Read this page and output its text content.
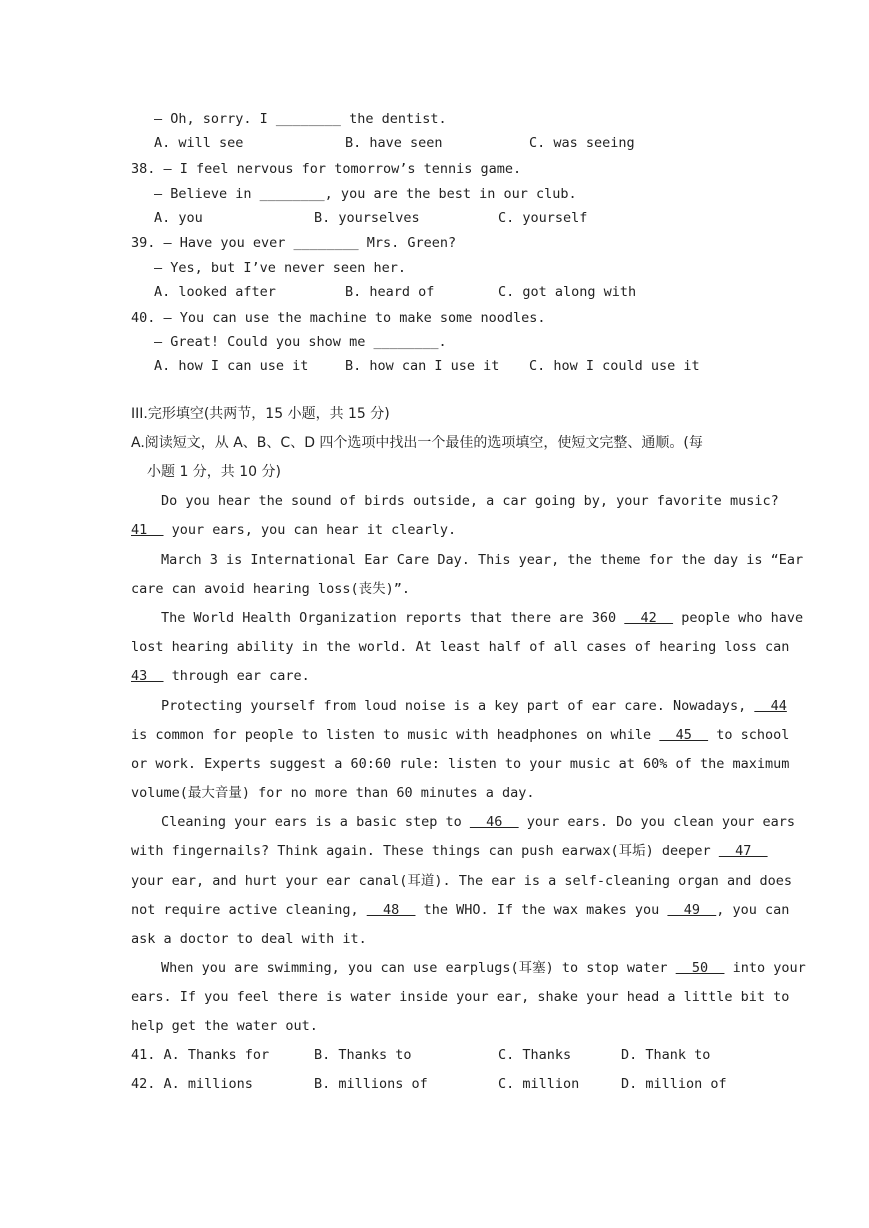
— Oh, sorry. I ________ the dentist.
A. will see	B. have seen	C. was seeing
38. — I feel nervous for tomorrow’s tennis game.
— Believe in ________, you are the best in our club.
A. you	B. yourselves	C. yourself
39. — Have you ever ________ Mrs. Green?
— Yes, but I’ve never seen her.
A. looked after	B. heard of	C. got along with
40. — You can use the machine to make some noodles.
— Great! Could you show me ________.
A. how I can use it	B. how can I use it C. how I could use it
III.完形填空(共两节，15 小题，共 15 分)
A.阅读短文，从 A、B、C、D 四个选项中找出一个最佳的选项填空，使短文完整、通顺。(每
小题 1 分，共 10 分)
Do you hear the sound of birds outside, a car going by, your favorite music?
41   your ears, you can hear it clearly.
March 3 is International Ear Care Day. This year, the theme for the day is “Ear
care can avoid hearing loss(丧失)”.
The World Health Organization reports that there are 360   42   people who have
lost hearing ability in the world. At least half of all cases of hearing loss can
43   through ear care.
Protecting yourself from loud noise is a key part of ear care. Nowadays,   44
is common for people to listen to music with headphones on while   45   to school
or work. Experts suggest a 60:60 rule: listen to your music at 60% of the maximum
volume(最大音量) for no more than 60 minutes a day.
Cleaning your ears is a basic step to   46   your ears. Do you clean your ears
with fingernails? Think again. These things can push earwax(耳垢) deeper   47
your ear, and hurt your ear canal(耳道). The ear is a self-cleaning organ and does
not require active cleaning,   48   the WHO. If the wax makes you   49  , you can
ask a doctor to deal with it.
When you are swimming, you can use earplugs(耳塞) to stop water   50   into your
ears. If you feel there is water inside your ear, shake your head a little bit to
help get the water out.
41. A. Thanks for	B. Thanks to	C. Thanks	D. Thank to
42. A. millions	B. millions of	C. million	D. million of
